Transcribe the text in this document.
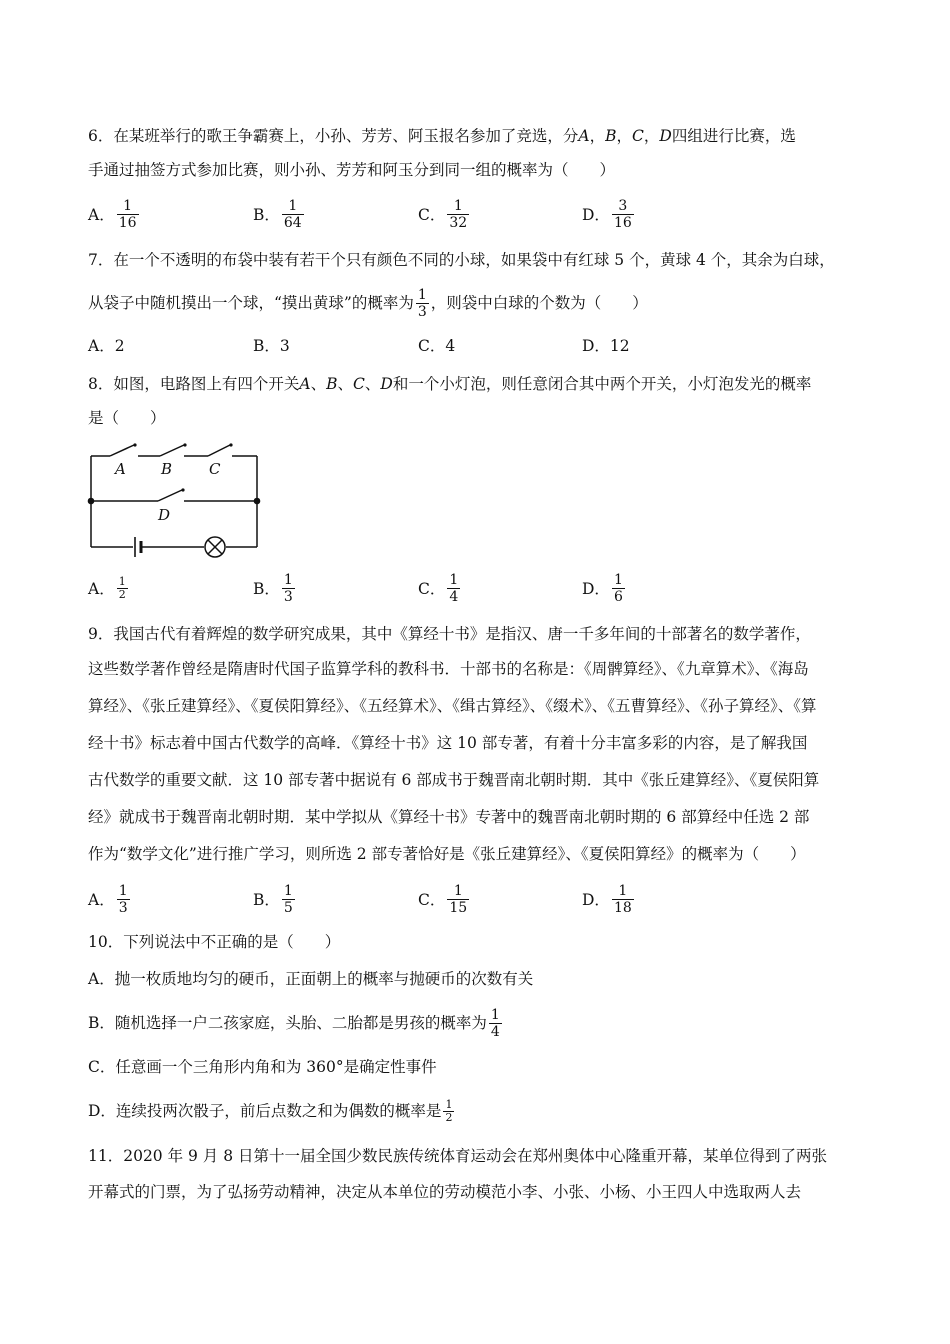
6．在某班举行的歌王争霸赛上，小孙、芳芳、阿玉报名参加了竞选，分A，B，C，D四组进行比赛，选
手通过抽签方式参加比赛，则小孙、芳芳和阿玉分到同一组的概率为（　　）
A． $\frac{1}{16}$	B． $\frac{1}{64}$	C． $\frac{1}{32}$	D． $\frac{3}{16}$
7．在一个不透明的布袋中装有若干个只有颜色不同的小球，如果袋中有红球 5 个，黄球 4 个，其余为白球，
从袋子中随机摸出一个球，“摸出黄球”的概率为 $\frac{1}{3}$ ，则袋中白球的个数为（　　）
A．2	B．3	C．4	D．12
8．如图，电路图上有四个开关A、B、C、D和一个小灯泡，则任意闭合其中两个开关，小灯泡发光的概率
是（　　）
A B C
D
A． $\frac{1}{2}$	B． $\frac{1}{3}$	C． $\frac{1}{4}$	D． $\frac{1}{6}$
9．我国古代有着辉煌的数学研究成果，其中《算经十书》是指汉、唐一千多年间的十部著名的数学著作，
这些数学著作曾经是隋唐时代国子监算学科的教科书．十部书的名称是：《周髀算经》、《九章算术》、《海岛
算经》、《张丘建算经》、《夏侯阳算经》、《五经算术》、《缉古算经》、《缀术》、《五曹算经》、《孙子算经》、《算
经十书》标志着中国古代数学的高峰．《算经十书》这 10 部专著，有着十分丰富多彩的内容，是了解我国
古代数学的重要文献．这 10 部专著中据说有 6 部成书于魏晋南北朝时期．其中《张丘建算经》、《夏侯阳算
经》就成书于魏晋南北朝时期．某中学拟从《算经十书》专著中的魏晋南北朝时期的 6 部算经中任选 2 部
作为“数学文化”进行推广学习，则所选 2 部专著恰好是《张丘建算经》、《夏侯阳算经》的概率为（　　）
A． $\frac{1}{3}$	B． $\frac{1}{5}$	C． $\frac{1}{15}$	D． $\frac{1}{18}$
10．下列说法中不正确的是（　　）
A．抛一枚质地均匀的硬币，正面朝上的概率与抛硬币的次数有关
B．随机选择一户二孩家庭，头胎、二胎都是男孩的概率为 $\frac{1}{4}$
C．任意画一个三角形内角和为 360°是确定性事件
D．连续投两次骰子，前后点数之和为偶数的概率是 $\frac{1}{2}$
11．2020 年 9 月 8 日第十一届全国少数民族传统体育运动会在郑州奥体中心隆重开幕，某单位得到了两张
开幕式的门票，为了弘扬劳动精神，决定从本单位的劳动模范小李、小张、小杨、小王四人中选取两人去
